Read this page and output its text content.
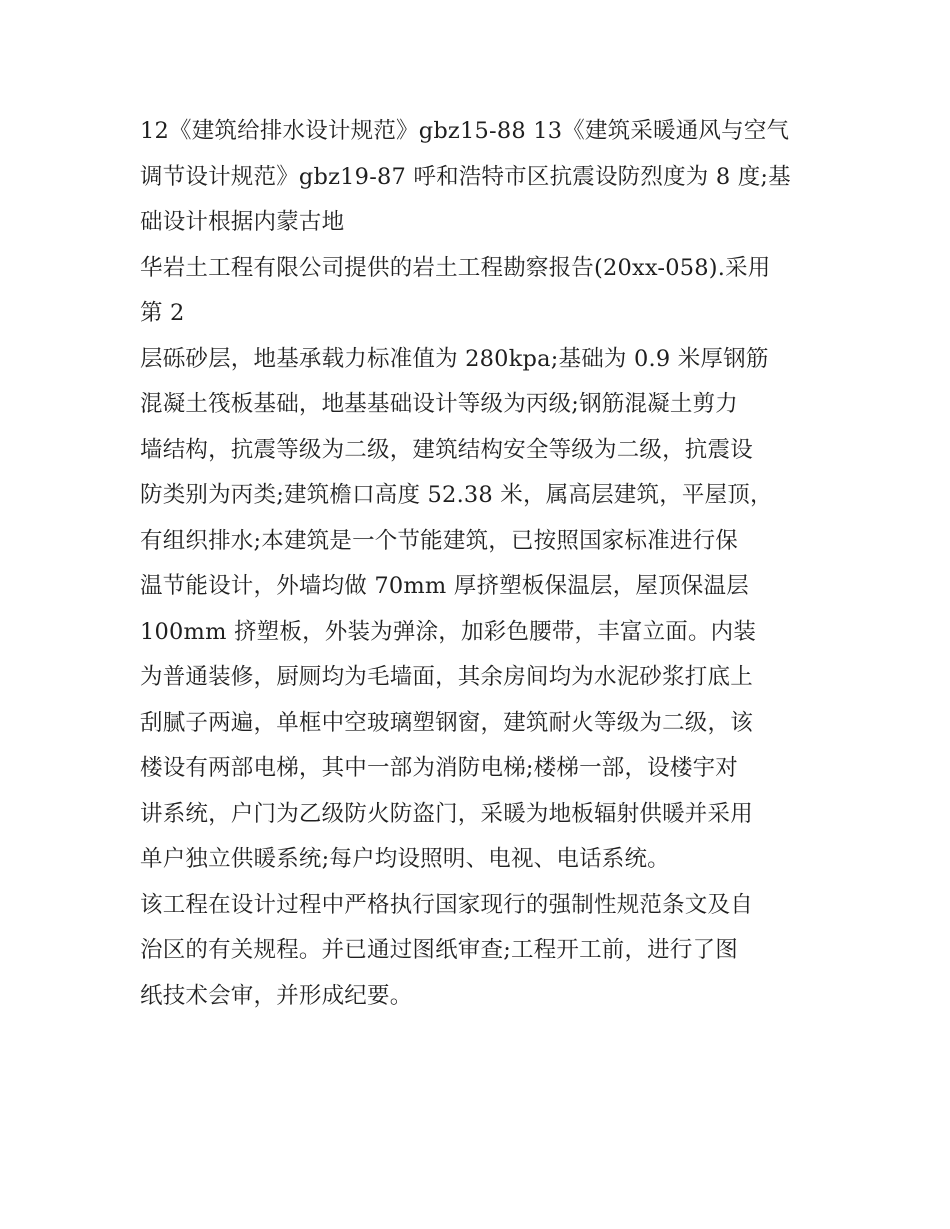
12《建筑给排水设计规范》gbz15-88 13《建筑采暖通风与空气
调节设计规范》gbz19-87 呼和浩特市区抗震设防烈度为 8 度;基
础设计根据内蒙古地
华岩土工程有限公司提供的岩土工程勘察报告(20xx-058).采用
第 2
层砾砂层，地基承载力标准值为 280kpa;基础为 0.9 米厚钢筋
混凝土筏板基础，地基基础设计等级为丙级;钢筋混凝土剪力
墙结构，抗震等级为二级，建筑结构安全等级为二级，抗震设
防类别为丙类;建筑檐口高度 52.38 米，属高层建筑，平屋顶，
有组织排水;本建筑是一个节能建筑，已按照国家标准进行保
温节能设计，外墙均做 70mm 厚挤塑板保温层，屋顶保温层
100mm 挤塑板，外装为弹涂，加彩色腰带，丰富立面。内装
为普通装修，厨厕均为毛墙面，其余房间均为水泥砂浆打底上
刮腻子两遍，单框中空玻璃塑钢窗，建筑耐火等级为二级，该
楼设有两部电梯，其中一部为消防电梯;楼梯一部，设楼宇对
讲系统，户门为乙级防火防盗门，采暖为地板辐射供暖并采用
单户独立供暖系统;每户均设照明、电视、电话系统。
该工程在设计过程中严格执行国家现行的强制性规范条文及自
治区的有关规程。并已通过图纸审查;工程开工前，进行了图
纸技术会审，并形成纪要。
